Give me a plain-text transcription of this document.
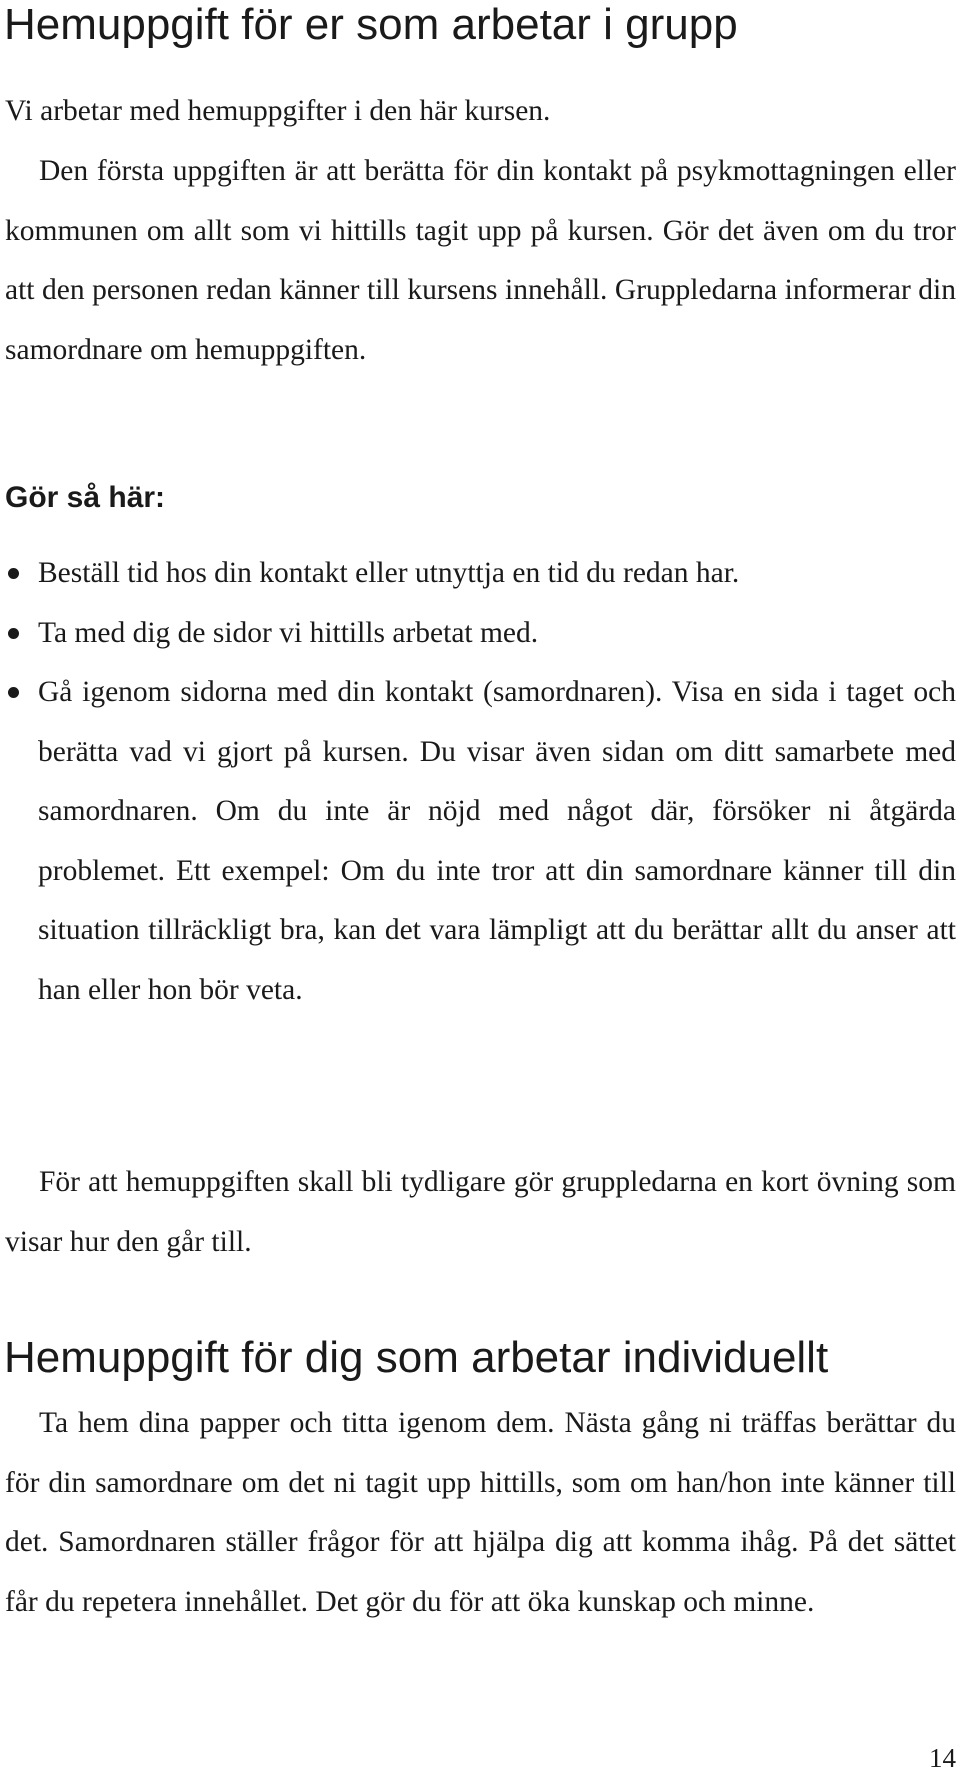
Hemuppgift för er som arbetar i grupp

Vi arbetar med hemuppgifter i den här kursen.

Den första uppgiften är att berätta för din kontakt på psykmottagningen eller kommunen om allt som vi hittills tagit upp på kursen. Gör det även om du tror att den personen redan känner till kursens innehåll. Gruppledarna informerar din samordnare om hemuppgiften.

Gör så här:
Beställ tid hos din kontakt eller utnyttja en tid du redan har.
Ta med dig de sidor vi hittills arbetat med.
Gå igenom sidorna med din kontakt (samordnaren). Visa en sida i taget och berätta vad vi gjort på kursen. Du visar även sidan om ditt samarbete med samordnaren. Om du inte är nöjd med något där, försöker ni åtgärda problemet. Ett exempel: Om du inte tror att din samordnare känner till din situation tillräckligt bra, kan det vara lämpligt att du berättar allt du anser att han eller hon bör veta.

För att hemuppgiften skall bli tydligare gör gruppledarna en kort övning som visar hur den går till.

Hemuppgift för dig som arbetar individuellt

Ta hem dina papper och titta igenom dem. Nästa gång ni träffas berättar du för din samordnare om det ni tagit upp hittills, som om han/hon inte känner till det. Samordnaren ställer frågor för att hjälpa dig att komma ihåg. På det sättet får du repetera innehållet. Det gör du för att öka kunskap och minne.

14
